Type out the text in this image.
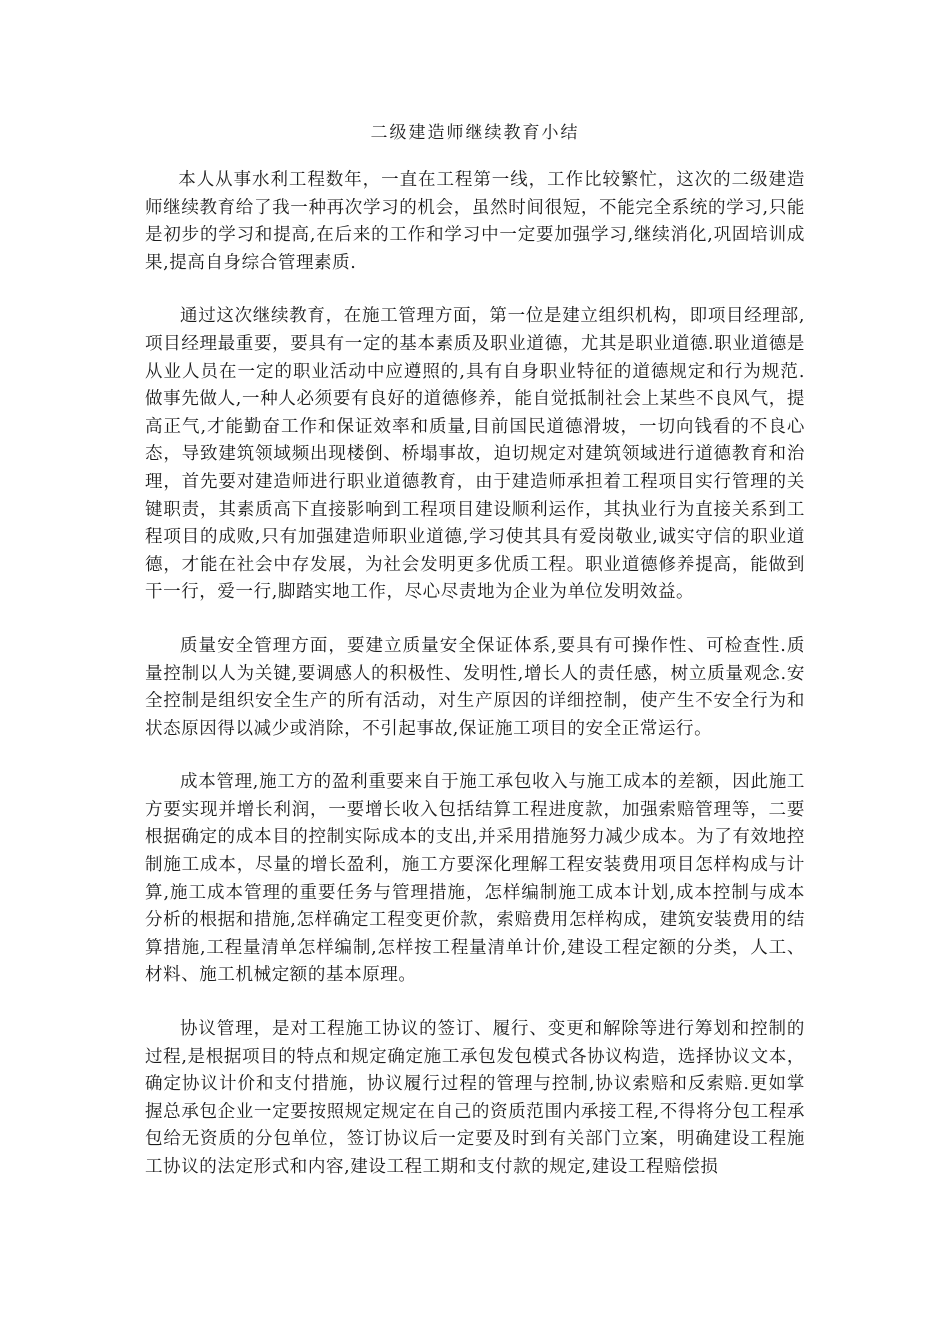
二级建造师继续教育小结

本人从事水利工程数年，一直在工程第一线，工作比较繁忙，这次的二级建造师继续教育给了我一种再次学习的机会，虽然时间很短，不能完全系统的学习,只能是初步的学习和提高,在后来的工作和学习中一定要加强学习,继续消化,巩固培训成果,提高自身综合管理素质.

通过这次继续教育，在施工管理方面，第一位是建立组织机构，即项目经理部,项目经理最重要，要具有一定的基本素质及职业道德，尤其是职业道德.职业道德是从业人员在一定的职业活动中应遵照的,具有自身职业特征的道德规定和行为规范.做事先做人,一种人必须要有良好的道德修养，能自觉抵制社会上某些不良风气，提高正气,才能勤奋工作和保证效率和质量,目前国民道德滑坡，一切向钱看的不良心态，导致建筑领域频出现楼倒、桥塌事故，迫切规定对建筑领域进行道德教育和治理，首先要对建造师进行职业道德教育，由于建造师承担着工程项目实行管理的关键职责，其素质高下直接影响到工程项目建设顺利运作，其执业行为直接关系到工程项目的成败,只有加强建造师职业道德,学习使其具有爱岗敬业,诚实守信的职业道德，才能在社会中存发展，为社会发明更多优质工程。职业道德修养提高，能做到干一行，爱一行,脚踏实地工作，尽心尽责地为企业为单位发明效益。

质量安全管理方面，要建立质量安全保证体系,要具有可操作性、可检查性.质量控制以人为关键,要调感人的积极性、发明性,增长人的责任感，树立质量观念.安全控制是组织安全生产的所有活动，对生产原因的详细控制，使产生不安全行为和状态原因得以减少或消除，不引起事故,保证施工项目的安全正常运行。

成本管理,施工方的盈利重要来自于施工承包收入与施工成本的差额，因此施工方要实现并增长利润，一要增长收入包括结算工程进度款，加强索赔管理等，二要根据确定的成本目的控制实际成本的支出,并采用措施努力减少成本。为了有效地控制施工成本，尽量的增长盈利，施工方要深化理解工程安装费用项目怎样构成与计算,施工成本管理的重要任务与管理措施，怎样编制施工成本计划,成本控制与成本分析的根据和措施,怎样确定工程变更价款，索赔费用怎样构成，建筑安装费用的结算措施,工程量清单怎样编制,怎样按工程量清单计价,建设工程定额的分类，人工、材料、施工机械定额的基本原理。

协议管理，是对工程施工协议的签订、履行、变更和解除等进行筹划和控制的过程,是根据项目的特点和规定确定施工承包发包模式各协议构造，选择协议文本，确定协议计价和支付措施，协议履行过程的管理与控制,协议索赔和反索赔.更如掌握总承包企业一定要按照规定规定在自己的资质范围内承接工程,不得将分包工程承包给无资质的分包单位，签订协议后一定要及时到有关部门立案，明确建设工程施工协议的法定形式和内容,建设工程工期和支付款的规定,建设工程赔偿损
